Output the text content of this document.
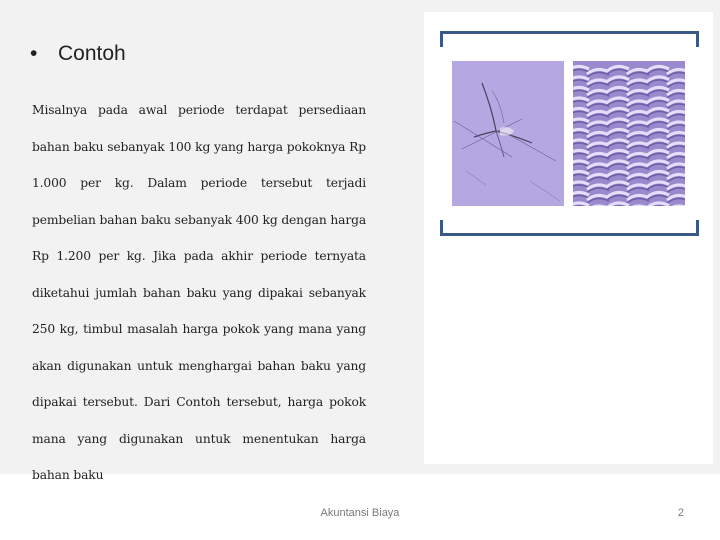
• Contoh

Misalnya pada awal periode terdapat persediaan bahan baku sebanyak 100 kg yang harga pokoknya Rp 1.000 per kg. Dalam periode tersebut terjadi pembelian bahan baku sebanyak 400 kg dengan harga Rp 1.200 per kg. Jika pada akhir periode ternyata diketahui jumlah bahan baku yang dipakai sebanyak 250 kg, timbul masalah harga pokok yang mana yang akan digunakan untuk menghargai bahan baku yang dipakai tersebut. Dari Contoh tersebut, harga pokok mana yang digunakan untuk menentukan harga bahan baku

Akuntansi Biaya	2
